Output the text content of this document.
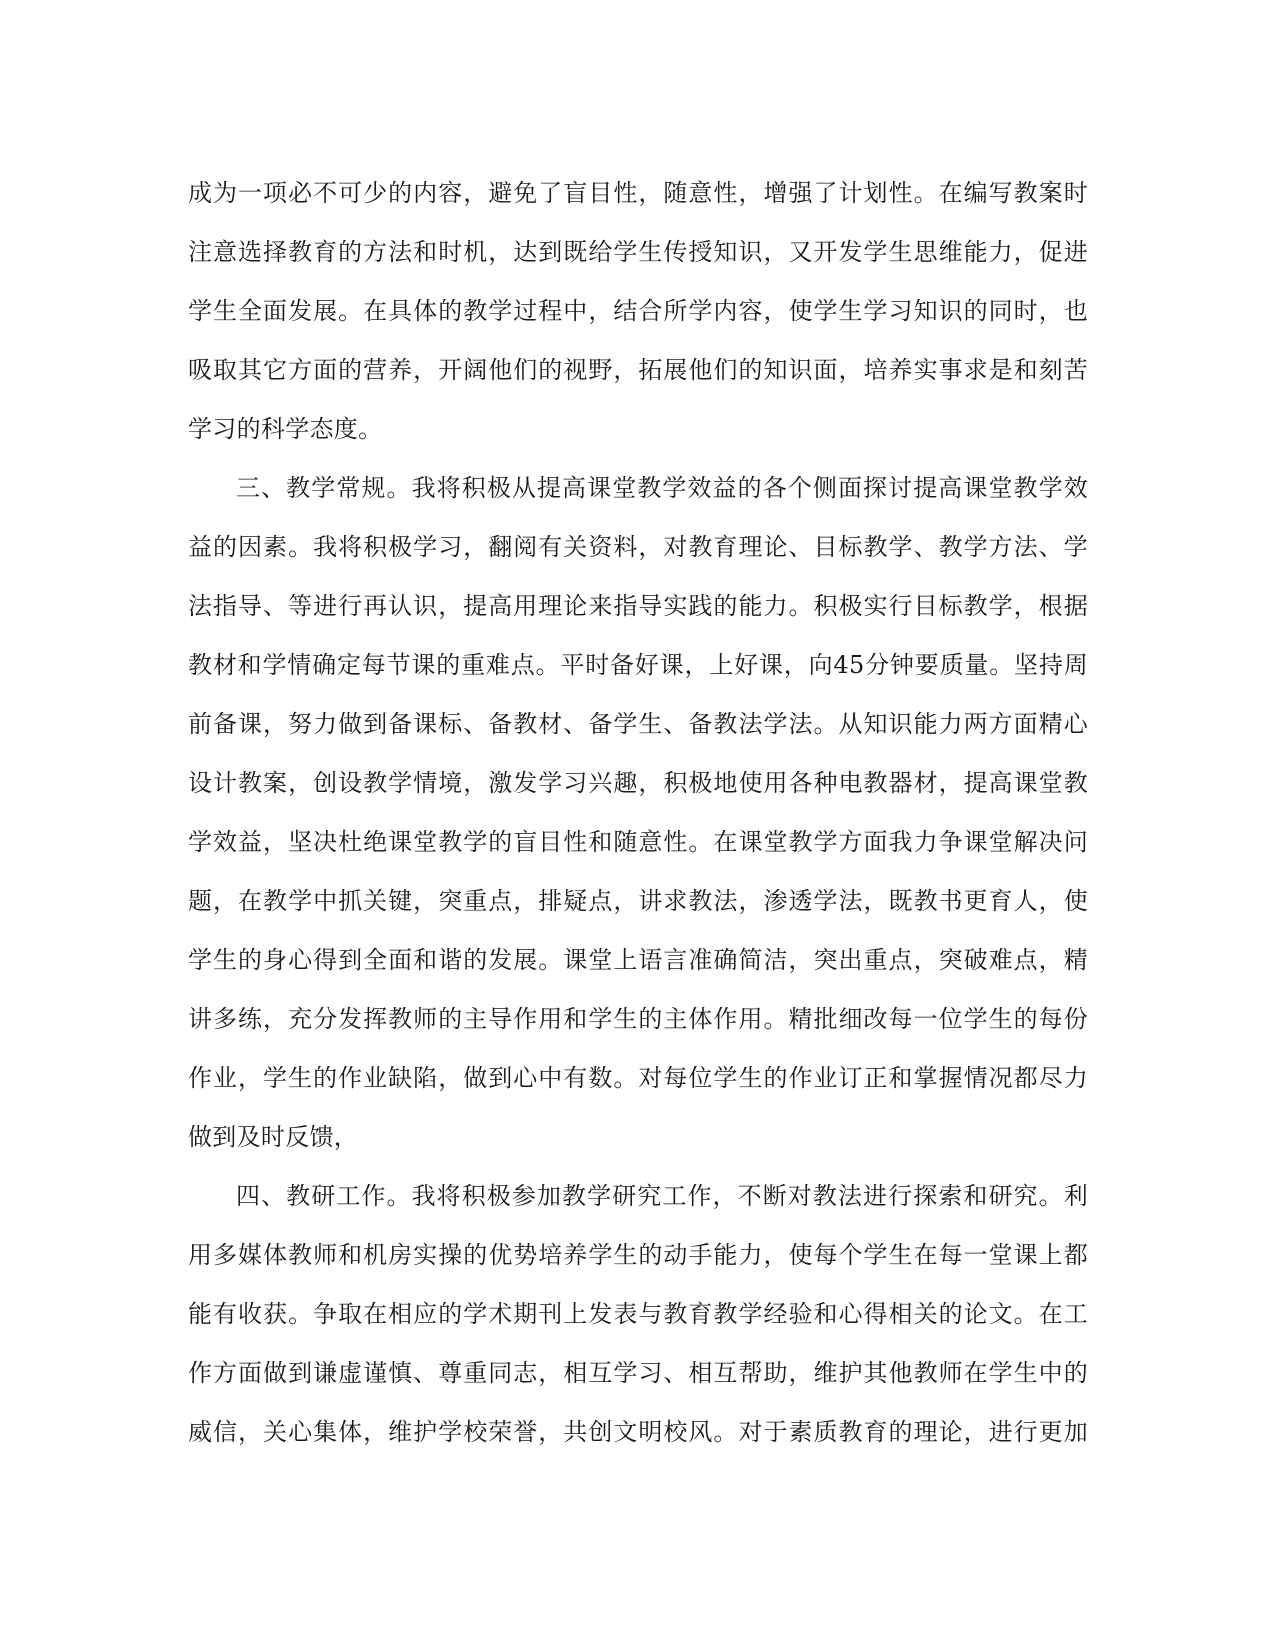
成为一项必不可少的内容，避免了盲目性，随意性，增强了计划性。在编写教案时
注意选择教育的方法和时机，达到既给学生传授知识，又开发学生思维能力，促进
学生全面发展。在具体的教学过程中，结合所学内容，使学生学习知识的同时，也
吸取其它方面的营养，开阔他们的视野，拓展他们的知识面，培养实事求是和刻苦
学习的科学态度。
三、教学常规。我将积极从提高课堂教学效益的各个侧面探讨提高课堂教学效
益的因素。我将积极学习，翻阅有关资料，对教育理论、目标教学、教学方法、学
法指导、等进行再认识，提高用理论来指导实践的能力。积极实行目标教学，根据
教材和学情确定每节课的重难点。平时备好课，上好课，向45分钟要质量。坚持周
前备课，努力做到备课标、备教材、备学生、备教法学法。从知识能力两方面精心
设计教案，创设教学情境，激发学习兴趣，积极地使用各种电教器材，提高课堂教
学效益，坚决杜绝课堂教学的盲目性和随意性。在课堂教学方面我力争课堂解决问
题，在教学中抓关键，突重点，排疑点，讲求教法，渗透学法，既教书更育人，使
学生的身心得到全面和谐的发展。课堂上语言准确简洁，突出重点，突破难点，精
讲多练，充分发挥教师的主导作用和学生的主体作用。精批细改每一位学生的每份
作业，学生的作业缺陷，做到心中有数。对每位学生的作业订正和掌握情况都尽力
做到及时反馈，
四、教研工作。我将积极参加教学研究工作，不断对教法进行探索和研究。利
用多媒体教师和机房实操的优势培养学生的动手能力，使每个学生在每一堂课上都
能有收获。争取在相应的学术期刊上发表与教育教学经验和心得相关的论文。在工
作方面做到谦虚谨慎、尊重同志，相互学习、相互帮助，维护其他教师在学生中的
威信，关心集体，维护学校荣誉，共创文明校风。对于素质教育的理论，进行更加
